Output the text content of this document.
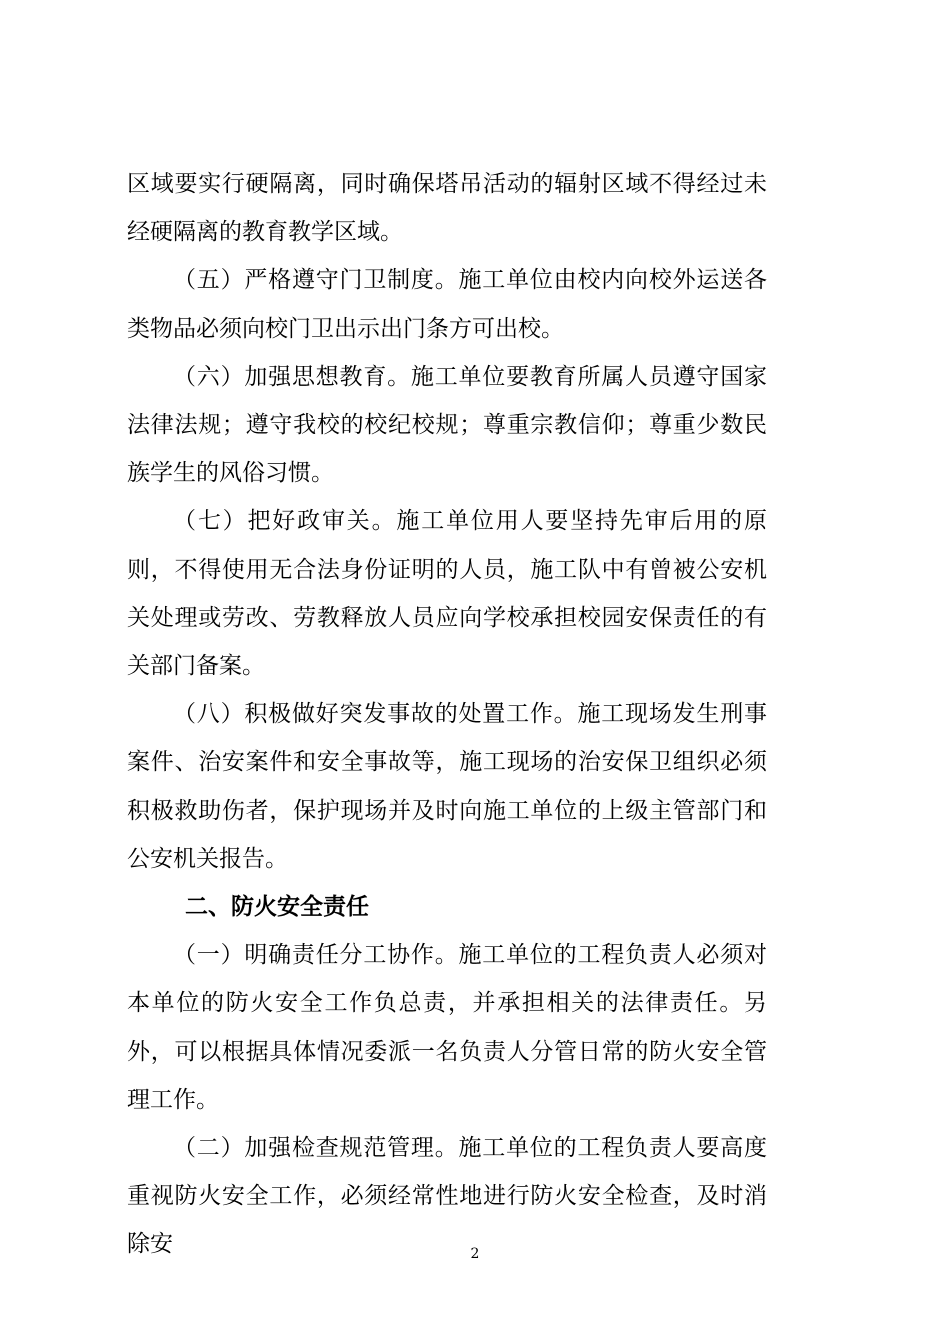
区域要实行硬隔离，同时确保塔吊活动的辐射区域不得经过未经硬隔离的教育教学区域。

（五）严格遵守门卫制度。施工单位由校内向校外运送各类物品必须向校门卫出示出门条方可出校。

（六）加强思想教育。施工单位要教育所属人员遵守国家法律法规；遵守我校的校纪校规；尊重宗教信仰；尊重少数民族学生的风俗习惯。

（七）把好政审关。施工单位用人要坚持先审后用的原则，不得使用无合法身份证明的人员，施工队中有曾被公安机关处理或劳改、劳教释放人员应向学校承担校园安保责任的有关部门备案。

（八）积极做好突发事故的处置工作。施工现场发生刑事案件、治安案件和安全事故等，施工现场的治安保卫组织必须积极救助伤者，保护现场并及时向施工单位的上级主管部门和公安机关报告。

二、防火安全责任

（一）明确责任分工协作。施工单位的工程负责人必须对本单位的防火安全工作负总责，并承担相关的法律责任。另外，可以根据具体情况委派一名负责人分管日常的防火安全管理工作。

（二）加强检查规范管理。施工单位的工程负责人要高度重视防火安全工作，必须经常性地进行防火安全检查，及时消除安	2
